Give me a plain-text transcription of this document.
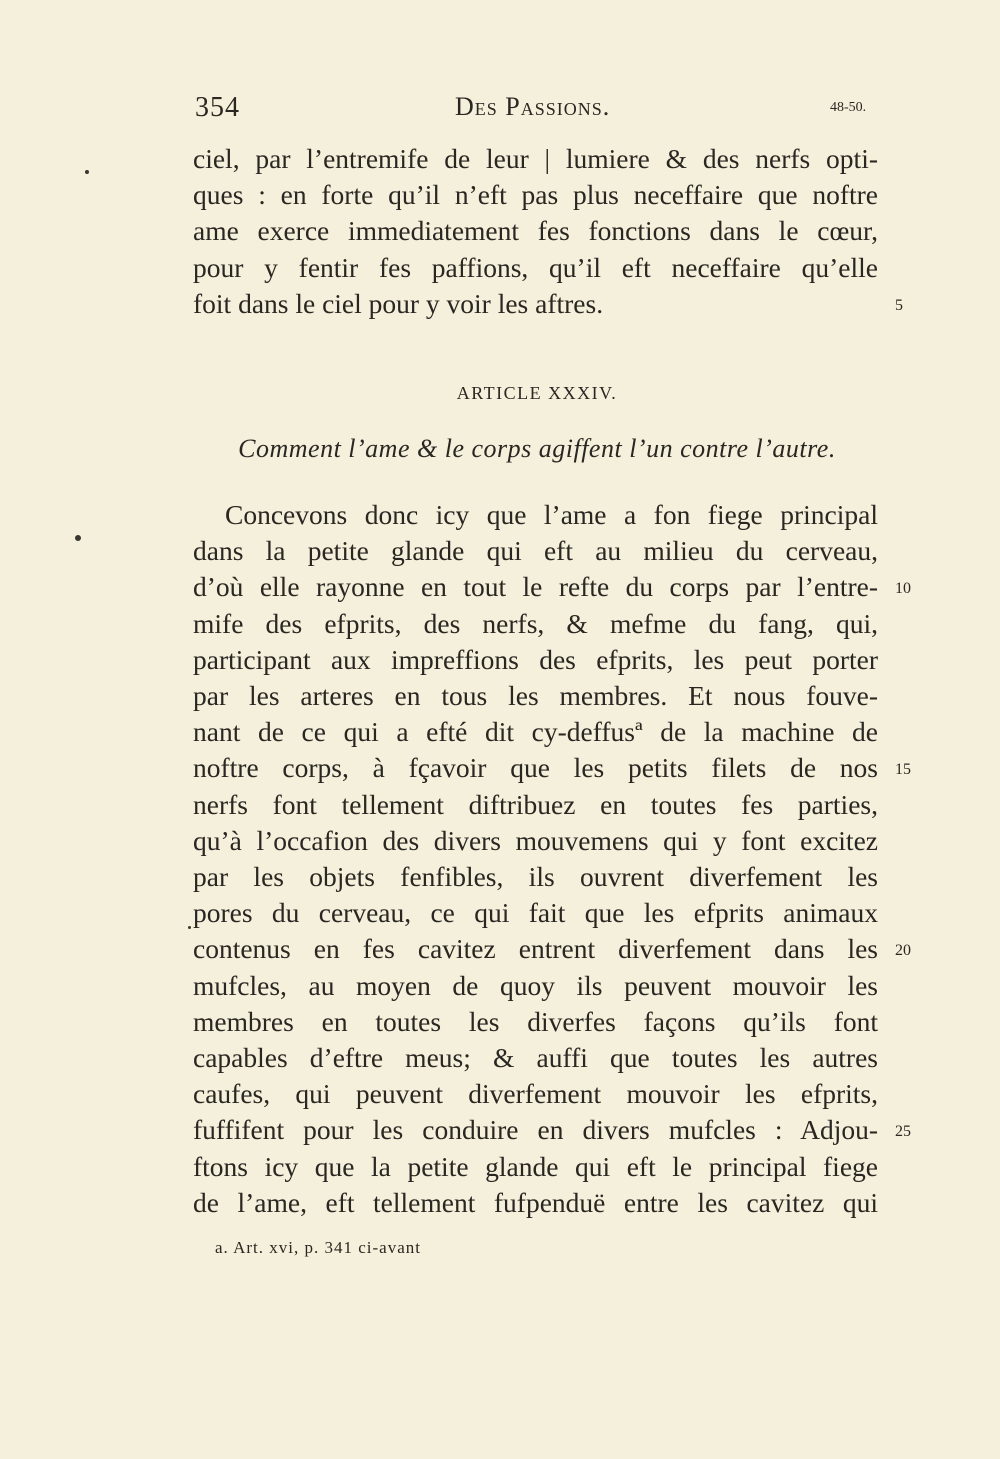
354	Des Passions.	48-50.
ciel, par l’entremife de leur | lumiere & des nerfs opti-
ques : en forte qu’il n’eft pas plus neceffaire que noftre
ame exerce immediatement fes fonctions dans le cœur,
pour y fentir fes paffions, qu’il eft neceffaire qu’elle
foit dans le ciel pour y voir les aftres.	5
ARTICLE XXXIV.
Comment l’ame & le corps agiffent l’un contre l’autre.
Concevons donc icy que l’ame a fon fiege principal
dans la petite glande qui eft au milieu du cerveau,
d’où elle rayonne en tout le refte du corps par l’entre- 10
mife des efprits, des nerfs, & mefme du fang, qui,
participant aux impreffions des efprits, les peut porter
par les arteres en tous les membres. Et nous fouve-
nant de ce qui a efté dit cy-deffusª de la machine de
noftre corps, à fçavoir que les petits filets de nos 15
nerfs font tellement diftribuez en toutes fes parties,
qu’à l’occafion des divers mouvemens qui y font excitez
par les objets fenfibles, ils ouvrent diverfement les
pores du cerveau, ce qui fait que les efprits animaux
contenus en fes cavitez entrent diverfement dans les 20
mufcles, au moyen de quoy ils peuvent mouvoir les
membres en toutes les diverfes façons qu’ils font
capables d’eftre meus; & auffi que toutes les autres
caufes, qui peuvent diverfement mouvoir les efprits,
fuffifent pour les conduire en divers mufcles : Adjou- 25
ftons icy que la petite glande qui eft le principal fiege
de l’ame, eft tellement fufpenduë entre les cavitez qui
a. Art. xvi, p. 341 ci-avant
